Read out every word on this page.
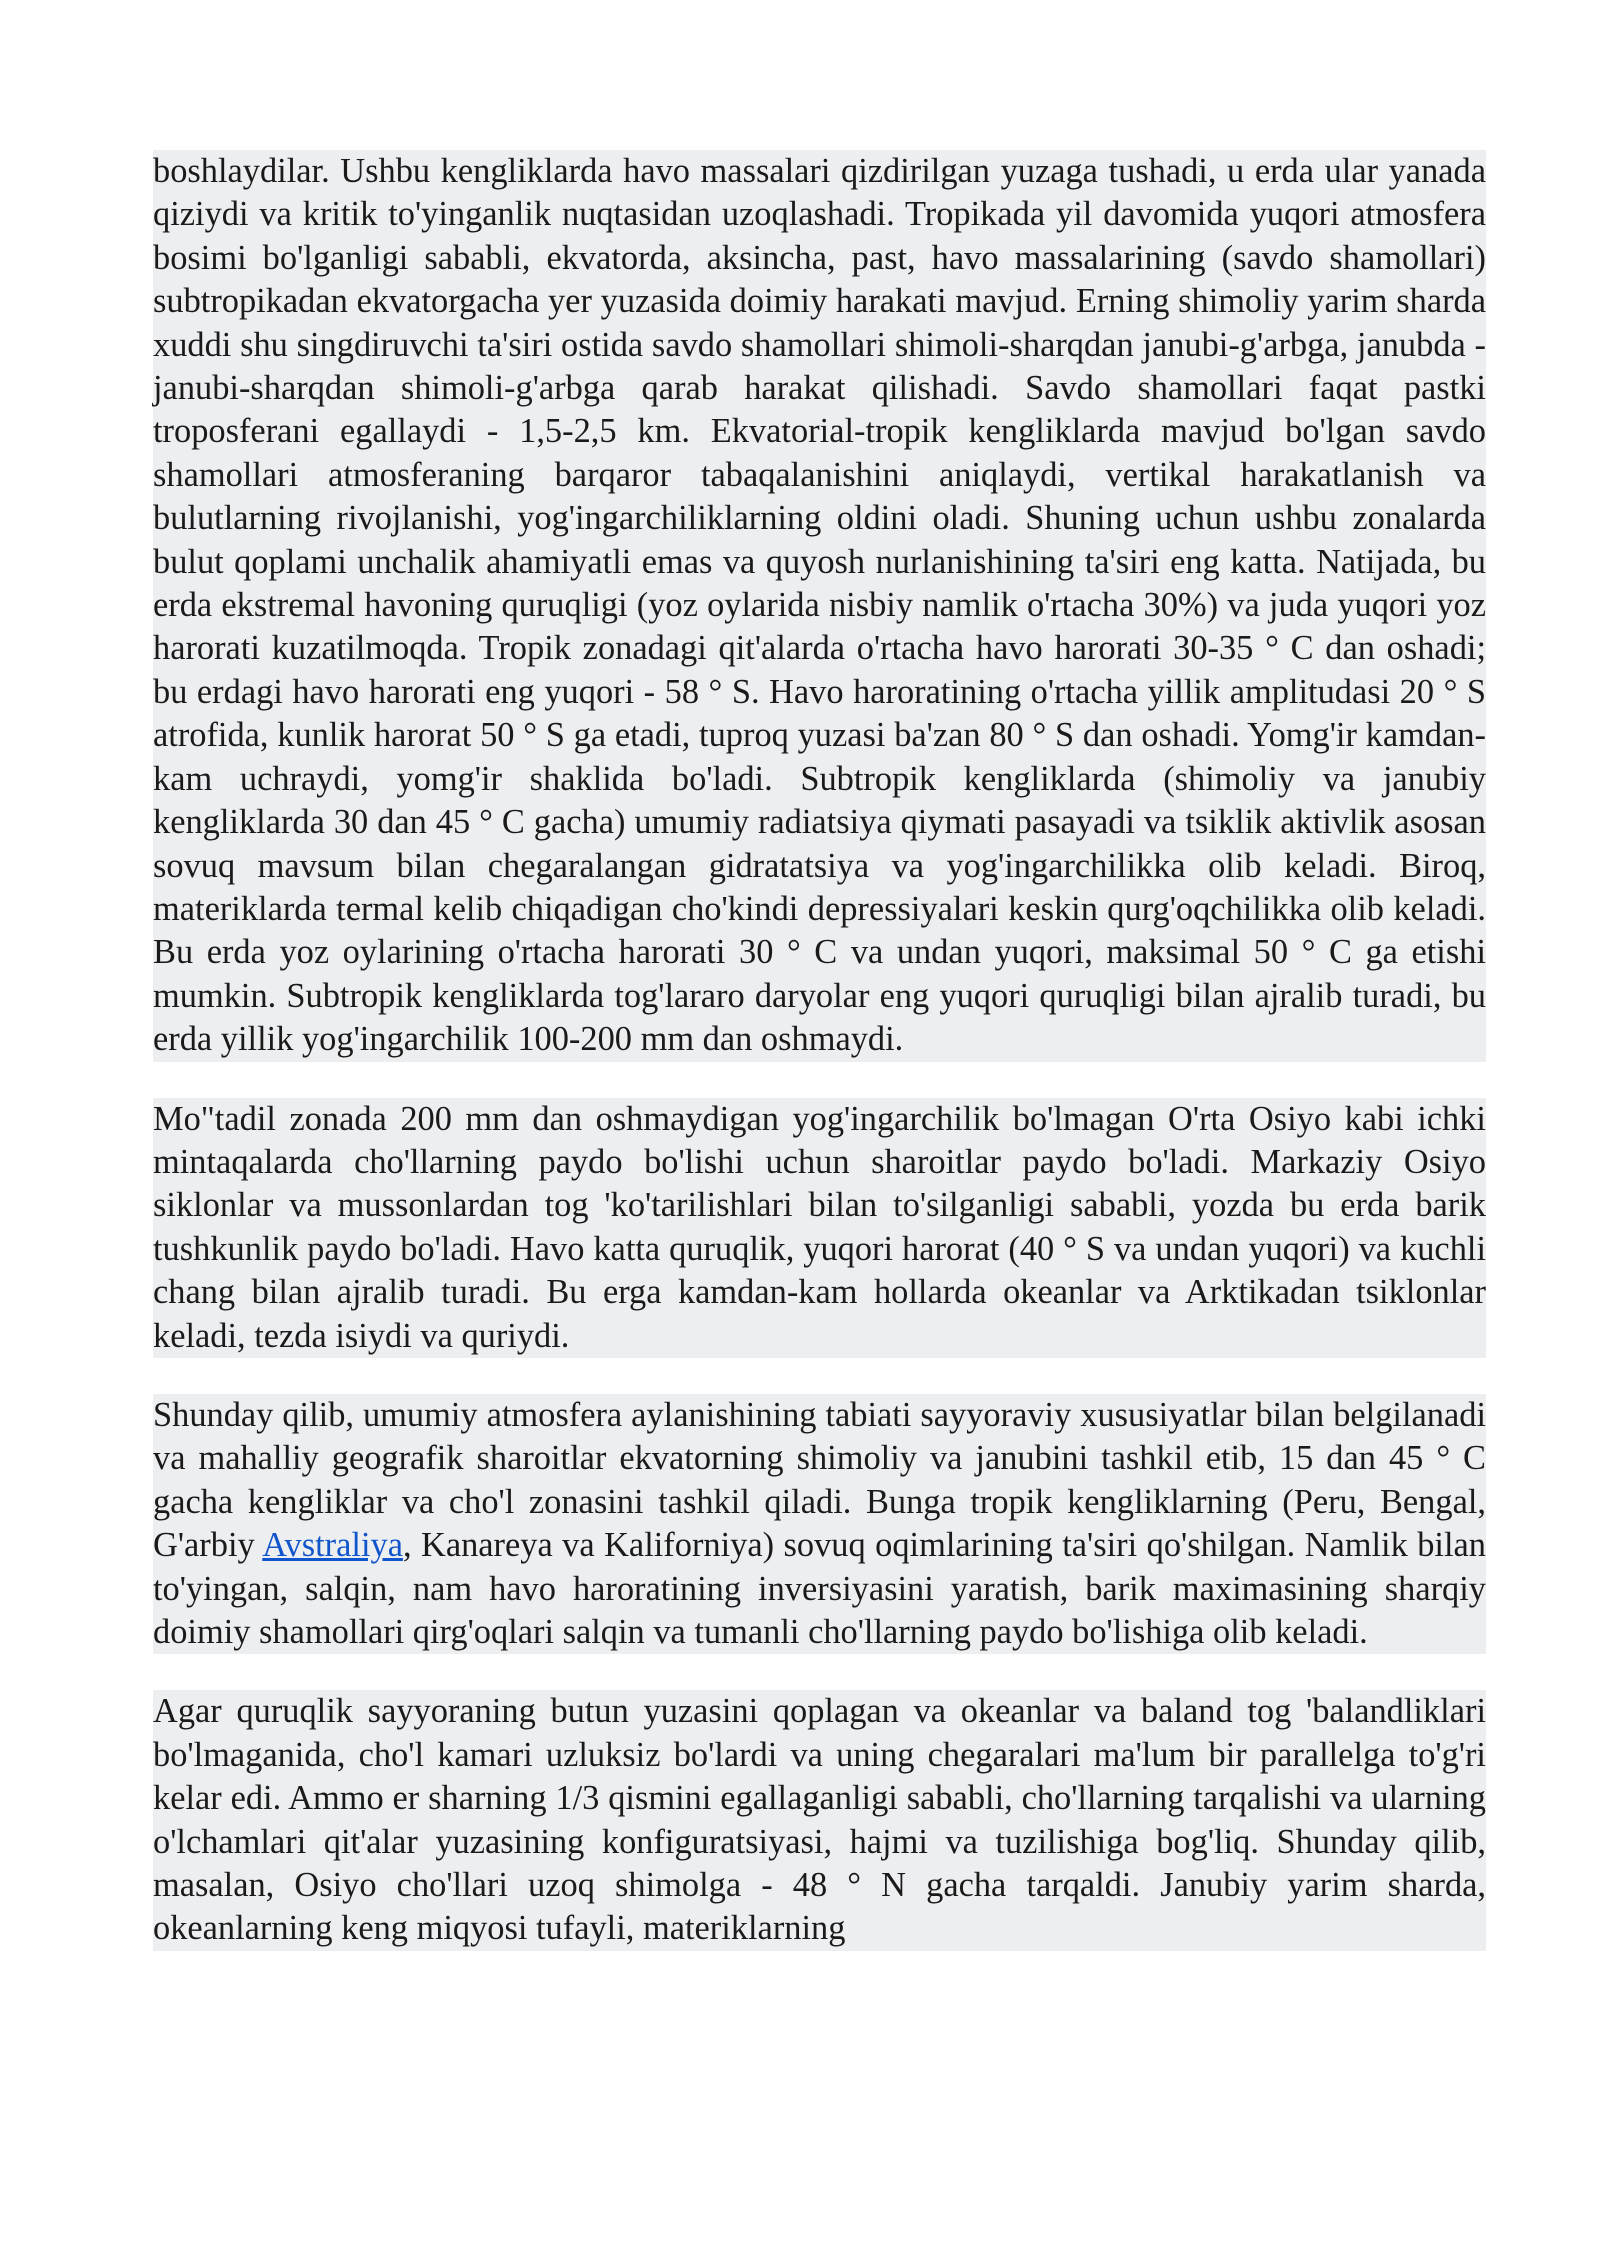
boshlaydilar. Ushbu kengliklarda havo massalari qizdirilgan yuzaga tushadi, u erda ular yanada qiziydi va kritik to'yinganlik nuqtasidan uzoqlashadi. Tropikada yil davomida yuqori atmosfera bosimi bo'lganligi sababli, ekvatorda, aksincha, past, havo massalarining (savdo shamollari) subtropikadan ekvatorgacha yer yuzasida doimiy harakati mavjud. Erning shimoliy yarim sharda xuddi shu singdiruvchi ta'siri ostida savdo shamollari shimoli-sharqdan janubi-g'arbga, janubda - janubi-sharqdan shimoli-g'arbga qarab harakat qilishadi. Savdo shamollari faqat pastki troposferani egallaydi - 1,5-2,5 km. Ekvatorial-tropik kengliklarda mavjud bo'lgan savdo shamollari atmosferaning barqaror tabaqalanishini aniqlaydi, vertikal harakatlanish va bulutlarning rivojlanishi, yog'ingarchiliklarning oldini oladi. Shuning uchun ushbu zonalarda bulut qoplami unchalik ahamiyatli emas va quyosh nurlanishining ta'siri eng katta. Natijada, bu erda ekstremal havoning quruqligi (yoz oylarida nisbiy namlik o'rtacha 30%) va juda yuqori yoz harorati kuzatilmoqda. Tropik zonadagi qit'alarda o'rtacha havo harorati 30-35 ° C dan oshadi; bu erdagi havo harorati eng yuqori - 58 ° S. Havo haroratining o'rtacha yillik amplitudasi 20 ° S atrofida, kunlik harorat 50 ° S ga etadi, tuproq yuzasi ba'zan 80 ° S dan oshadi. Yomg'ir kamdan-kam uchraydi, yomg'ir shaklida bo'ladi. Subtropik kengliklarda (shimoliy va janubiy kengliklarda 30 dan 45 ° C gacha) umumiy radiatsiya qiymati pasayadi va tsiklik aktivlik asosan sovuq mavsum bilan chegaralangan gidratatsiya va yog'ingarchilikka olib keladi. Biroq, materiklarda termal kelib chiqadigan cho'kindi depressiyalari keskin qurg'oqchilikka olib keladi. Bu erda yoz oylarining o'rtacha harorati 30 ° C va undan yuqori, maksimal 50 ° C ga etishi mumkin. Subtropik kengliklarda tog'lararo daryolar eng yuqori quruqligi bilan ajralib turadi, bu erda yillik yog'ingarchilik 100-200 mm dan oshmaydi.

Mo"tadil zonada 200 mm dan oshmaydigan yog'ingarchilik bo'lmagan O'rta Osiyo kabi ichki mintaqalarda cho'llarning paydo bo'lishi uchun sharoitlar paydo bo'ladi. Markaziy Osiyo siklonlar va mussonlardan tog 'ko'tarilishlari bilan to'silganligi sababli, yozda bu erda barik tushkunlik paydo bo'ladi. Havo katta quruqlik, yuqori harorat (40 ° S va undan yuqori) va kuchli chang bilan ajralib turadi. Bu erga kamdan-kam hollarda okeanlar va Arktikadan tsiklonlar keladi, tezda isiydi va quriydi.

Shunday qilib, umumiy atmosfera aylanishining tabiati sayyoraviy xususiyatlar bilan belgilanadi va mahalliy geografik sharoitlar ekvatorning shimoliy va janubini tashkil etib, 15 dan 45 ° C gacha kengliklar va cho'l zonasini tashkil qiladi. Bunga tropik kengliklarning (Peru, Bengal, G'arbiy Avstraliya, Kanareya va Kaliforniya) sovuq oqimlarining ta'siri qo'shilgan. Namlik bilan to'yingan, salqin, nam havo haroratining inversiyasini yaratish, barik maximasining sharqiy doimiy shamollari qirg'oqlari salqin va tumanli cho'llarning paydo bo'lishiga olib keladi.

Agar quruqlik sayyoraning butun yuzasini qoplagan va okeanlar va baland tog 'balandliklari bo'lmaganida, cho'l kamari uzluksiz bo'lardi va uning chegaralari ma'lum bir parallelga to'g'ri kelar edi. Ammo er sharning 1/3 qismini egallaganligi sababli, cho'llarning tarqalishi va ularning o'lchamlari qit'alar yuzasining konfiguratsiyasi, hajmi va tuzilishiga bog'liq. Shunday qilib, masalan, Osiyo cho'llari uzoq shimolga - 48 ° N gacha tarqaldi. Janubiy yarim sharda, okeanlarning keng miqyosi tufayli, materiklarning
